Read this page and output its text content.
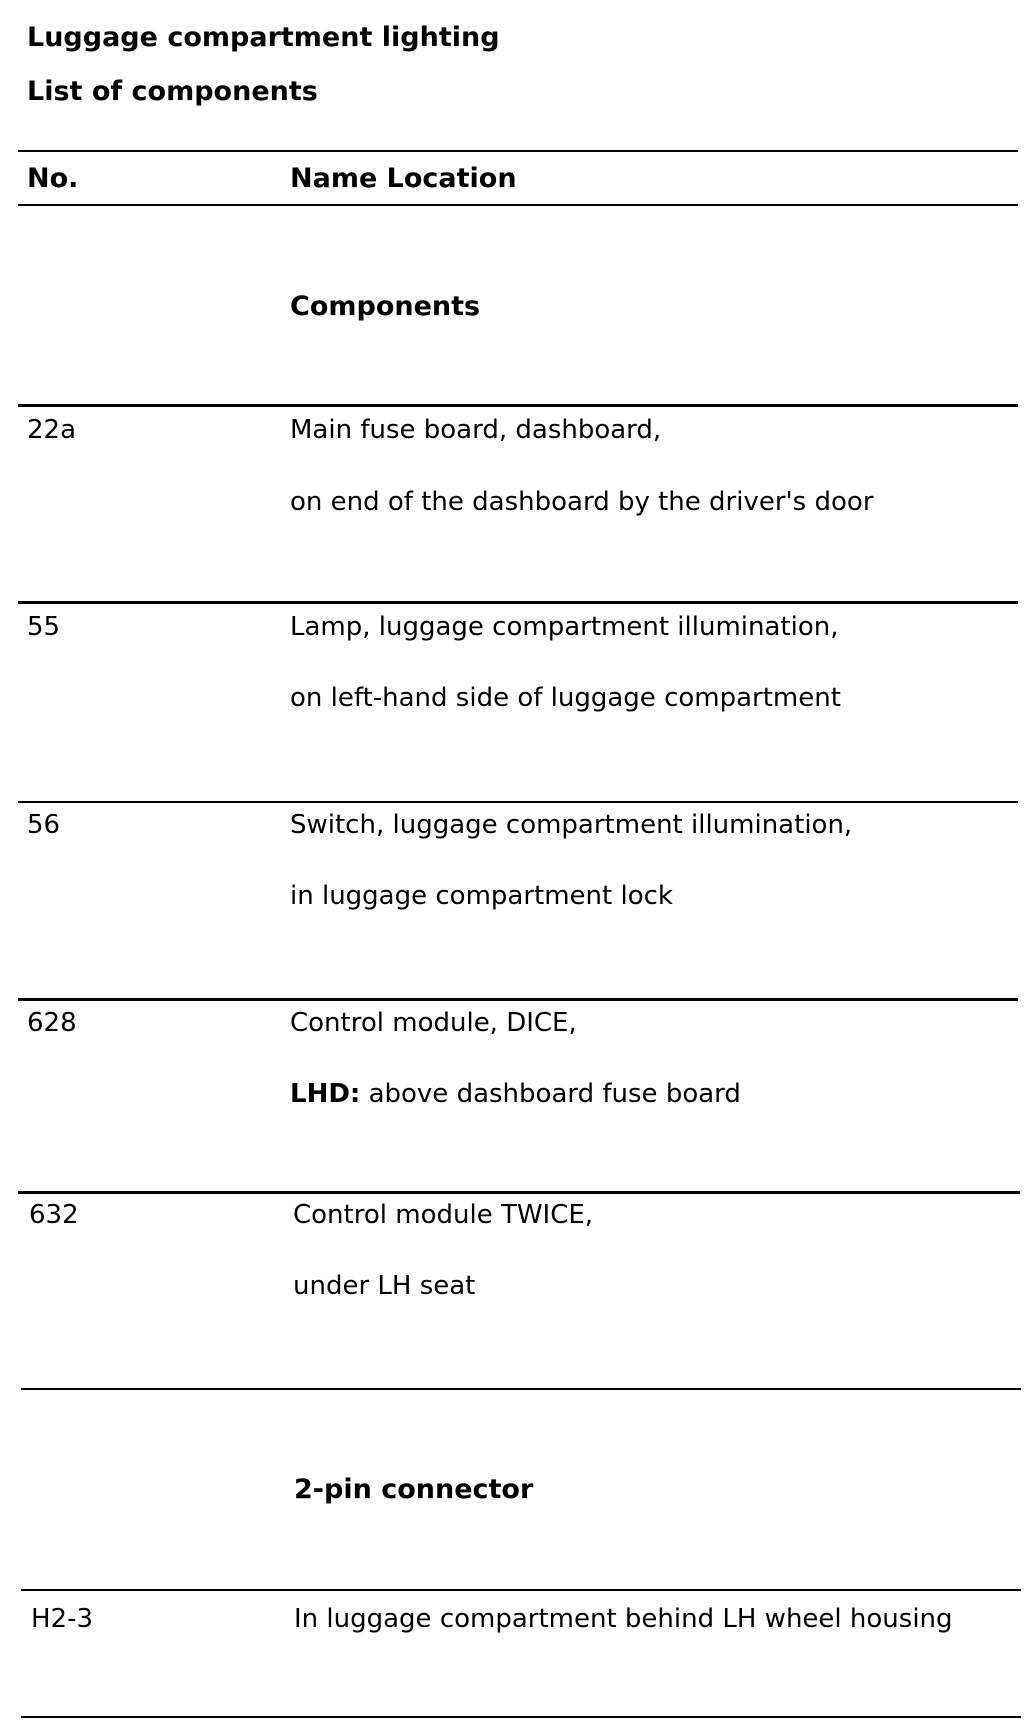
Luggage compartment lighting
List of components
No.	Name Location
Components
22a	Main fuse board, dashboard,
on end of the dashboard by the driver's door
55	Lamp, luggage compartment illumination,
on left-hand side of luggage compartment
56	Switch, luggage compartment illumination,
in luggage compartment lock
628	Control module, DICE,
LHD: above dashboard fuse board
632	Control module TWICE,
under LH seat
2-pin connector
H2-3	In luggage compartment behind LH wheel housing
